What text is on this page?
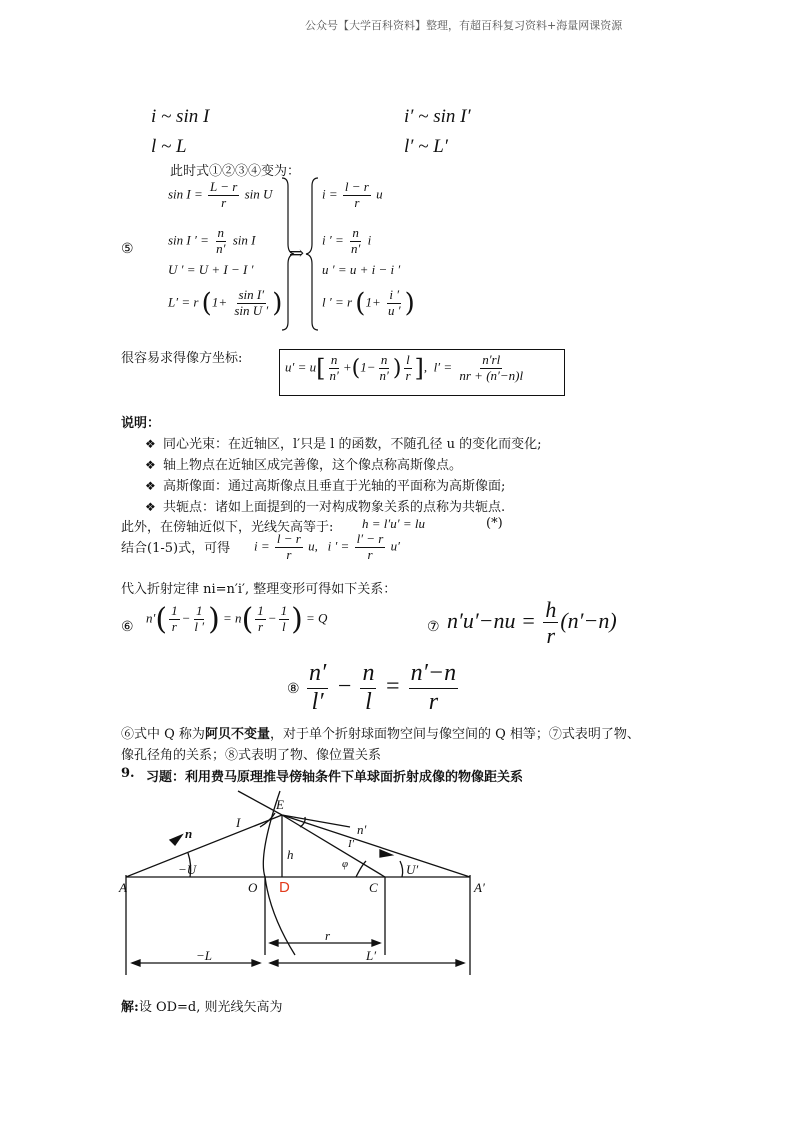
公众号【大学百科资料】整理，有超百科复习资料+海量网课资源
i ~ sin I	i′ ~ sin I′
l ~ L	l′ ~ L′
此时式①②③④变为：
⑤
$\sin I = \frac{L - r}{r}$ sin U
sin I ′ = $\frac{n}{n'}$ sin I
U ′ = U + I − I ′
L′ = r ($1+ \frac{\text{sin I′}}{\text{sin U ′}}$ )
⇒
$i = \frac{l - r}{r}$ u
i ′ = $\frac{n}{n'}$ i
u ′ = u + i − i ′
l ′ = r ($1+ \frac{i '}{u '}$ )
很容易求得像方坐标:
$u' = u[ \frac{n}{n'} +(1- \frac{n}{n'}$ ) $\frac{l}{r}$ ],  $l' = \frac{n'rl}{nr + (n'-n)l}$
说明：
❖ 同心光束：在近轴区，l′只是 l 的函数，不随孔径 u 的变化而变化;
❖ 轴上物点在近轴区成完善像，这个像点称高斯像点。
❖ 高斯像面：通过高斯像点且垂直于光轴的平面称为高斯像面;
❖ 共轭点：诸如上面提到的一对构成物象关系的点称为共轭点.
此外，在傍轴近似下，光线矢高等于: h = l′u′ = lu	(*)
结合(1-5)式，可得 $i = \frac{l - r}{r} u$,   i ′ = $\frac{l' - r}{r} u'$
代入折射定律 ni=n′i′, 整理变形可得如下关系：
⑥
$n'( \frac{1}{r} - \frac{1}{l '}$ ) = $n( \frac{1}{r} - \frac{1}{l}$ ) = Q
⑦ $n'u'-nu = \frac{h}{r} (n'-n)$
⑧ $\frac{n'}{l'} - \frac{n}{l} = \frac{n'-n}{r}$
⑥式中 Q 称为阿贝不变量，对于单个折射球面物空间与像空间的 Q 相等；⑦式表明了物、
像孔径角的关系；⑧式表明了物、像位置关系
9. 习题：利用费马原理推导傍轴条件下单球面折射成像的物像距关系
A	O D	C	A′
E
n	n′
I
I′
φ
−U	U′
h
r
−L	L′
解:设 OD=d, 则光线矢高为
